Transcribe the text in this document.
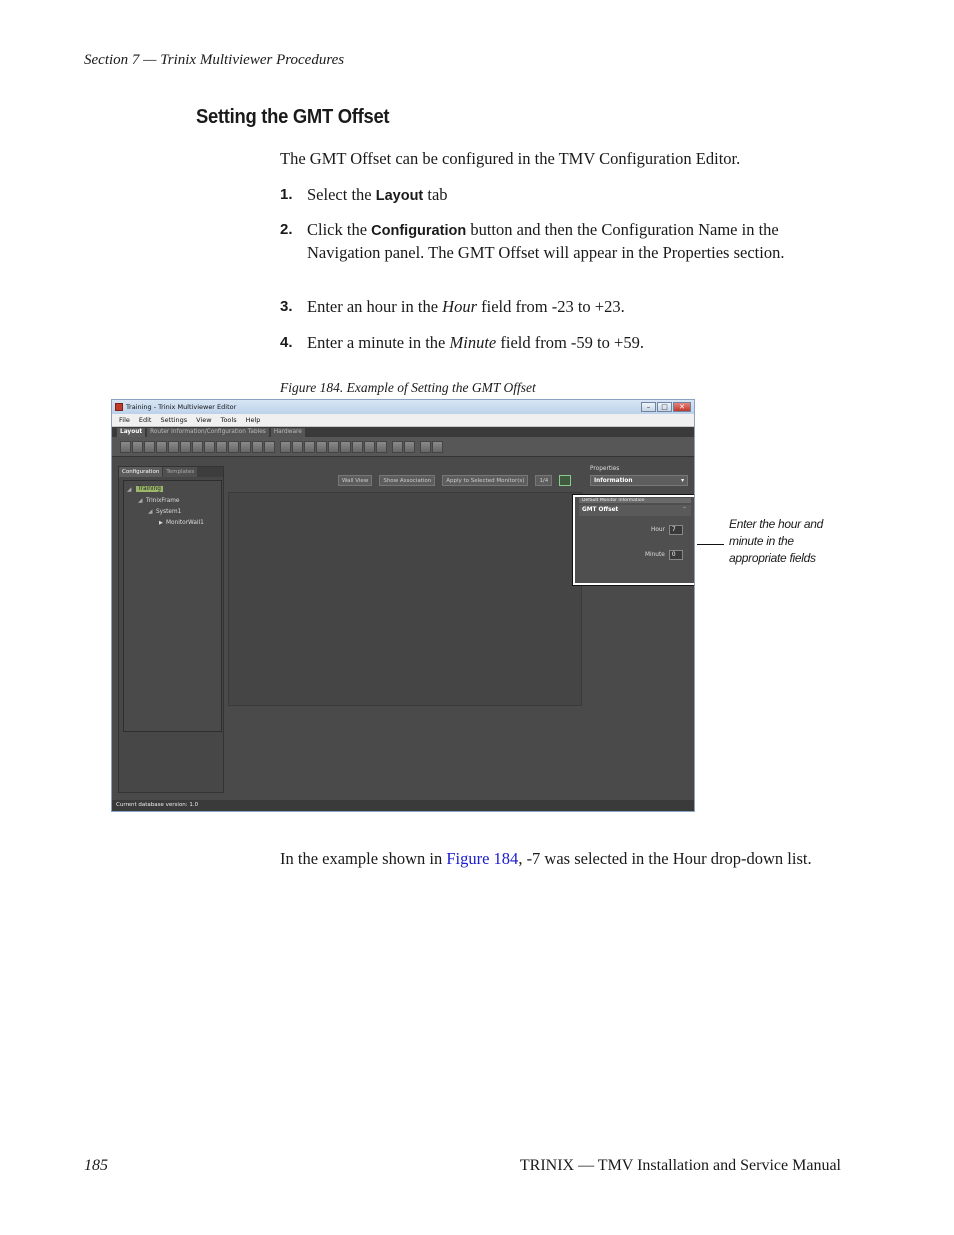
Section 7 — Trinix Multiviewer Procedures
Setting the GMT Offset
The GMT Offset can be configured in the TMV Configuration Editor.
1. Select the Layout tab
2. Click the Configuration button and then the Configuration Name in the Navigation panel. The GMT Offset will appear in the Properties section.
3. Enter an hour in the Hour field from -23 to +23.
4. Enter a minute in the Minute field from -59 to +59.
Figure 184. Example of Setting the GMT Offset
Training - Trinix Multiviewer Editor	–	□	✕
File Edit Settings View Tools Help
Layout	Router Information/Configuration Tables	Hardware
Configuration	Templates
◢	Training
◢ TrinixFrame
◢ System1
▶ MonitorWall1
Wall View	Show Association	Apply to Selected Monitor(s)	1/4
Properties
Information ▾
Default Monitor Information
GMT Offset ⌃
Hour	7
Minute	0
Current database version: 1.0
Enter the hour and minute in the appropriate fields
In the example shown in Figure 184, -7 was selected in the Hour drop-down list.
185	TRINIX — TMV Installation and Service Manual
